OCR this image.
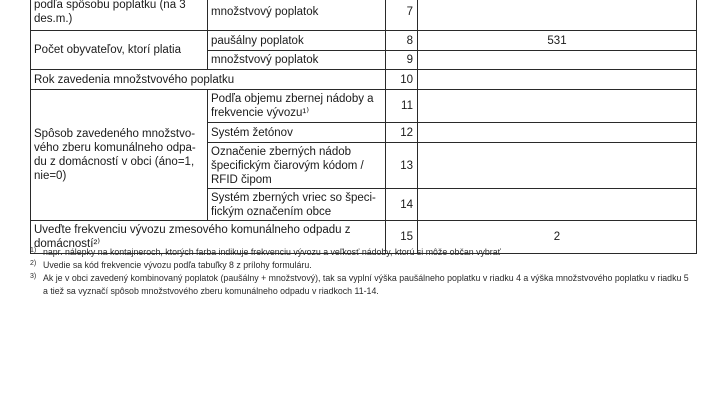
podľa spôsobu poplatku (na 3 des.m.)	množstvový poplatok	7	
Počet obyvateľov, ktorí platia	paušálny poplatok	8	531
	množstvový poplatok	9	
Rok zavedenia množstvového poplatku		10	
Spôsob zavedeného množstvo-vého zberu komunálneho odpa-du z domácností v obci (áno=1, nie=0)	Podľa objemu zbernej nádoby a frekvencie vývozu¹⁾	11	
	Systém žetónov	12	
	Označenie zberných nádob špecifickým čiarovým kódom / RFID čipom	13	
	Systém zberných vriec so špeci-fickým označením obce	14	
Uveďte frekvenciu vývozu zmesového komunálneho odpadu z domácností²⁾		15	2
1) napr. nálepky na kontajneroch, ktorých farba indikuje frekvenciu vývozu a veľkosť nádoby, ktorú si môže občan vybrať
2) Uvedie sa kód frekvencie vývozu podľa tabuľky 8 z prílohy formuláru.
3) Ak je v obci zavedený kombinovaný poplatok (paušálny + množstvový), tak sa vyplní výška paušálneho poplatku v riadku 4 a výška množstvového poplatku v riadku 5 a tiež sa vyznačí spôsob množstvového zberu komunálneho odpadu v riadkoch 11-14.
